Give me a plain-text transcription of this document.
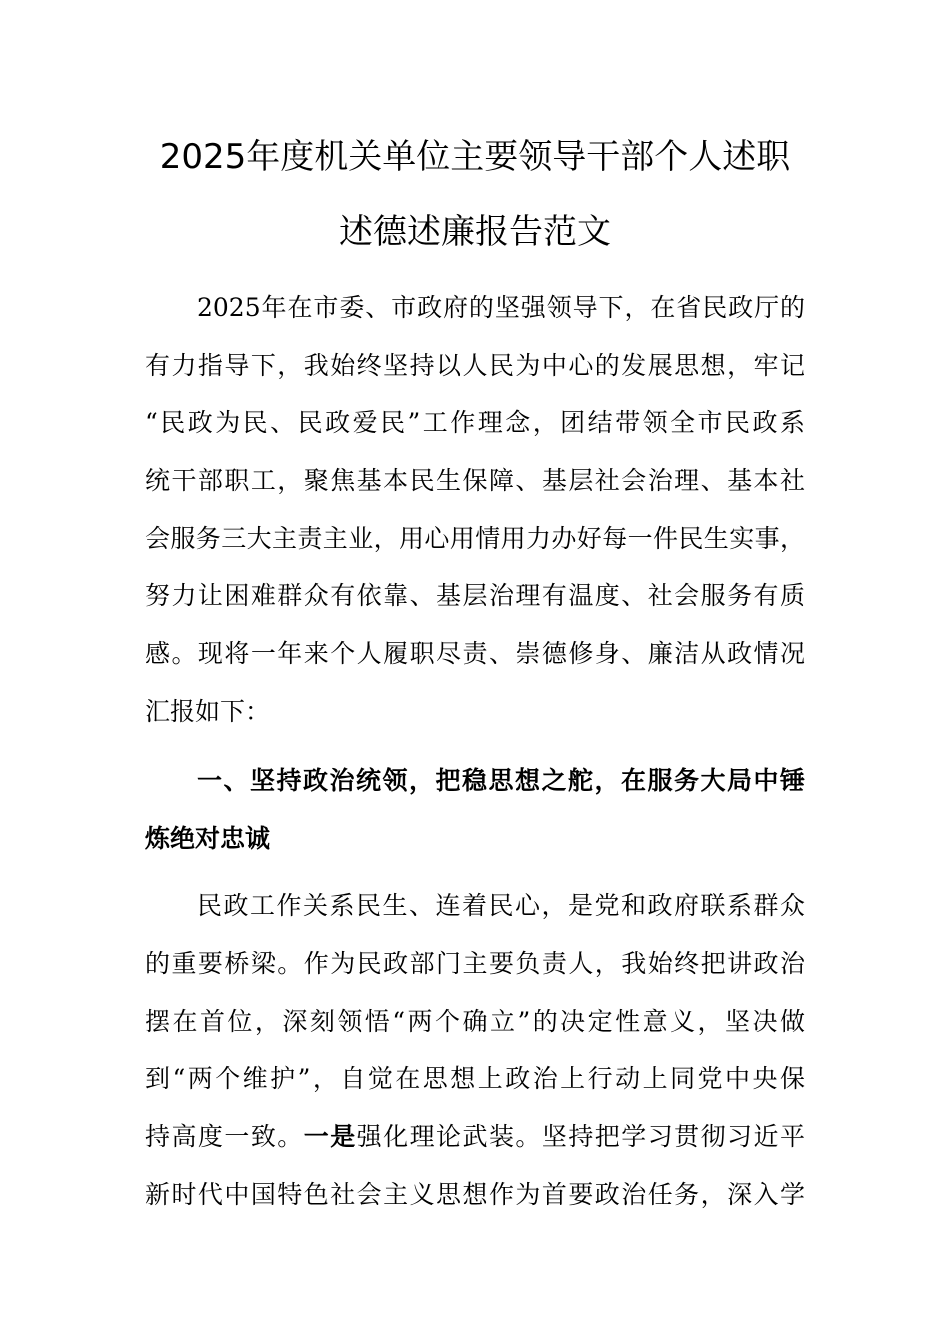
2025年度机关单位主要领导干部个人述职
述德述廉报告范文
2025年在市委、市政府的坚强领导下，在省民政厅的
有力指导下，我始终坚持以人民为中心的发展思想，牢记
“民政为民、民政爱民”工作理念，团结带领全市民政系
统干部职工，聚焦基本民生保障、基层社会治理、基本社
会服务三大主责主业，用心用情用力办好每一件民生实事，
努力让困难群众有依靠、基层治理有温度、社会服务有质
感。现将一年来个人履职尽责、崇德修身、廉洁从政情况
汇报如下：
一、坚持政治统领，把稳思想之舵，在服务大局中锤
炼绝对忠诚
民政工作关系民生、连着民心，是党和政府联系群众
的重要桥梁。作为民政部门主要负责人，我始终把讲政治
摆在首位，深刻领悟“两个确立”的决定性意义，坚决做
到“两个维护”，自觉在思想上政治上行动上同党中央保
持高度一致。一是强化理论武装。坚持把学习贯彻习近平
新时代中国特色社会主义思想作为首要政治任务，深入学
